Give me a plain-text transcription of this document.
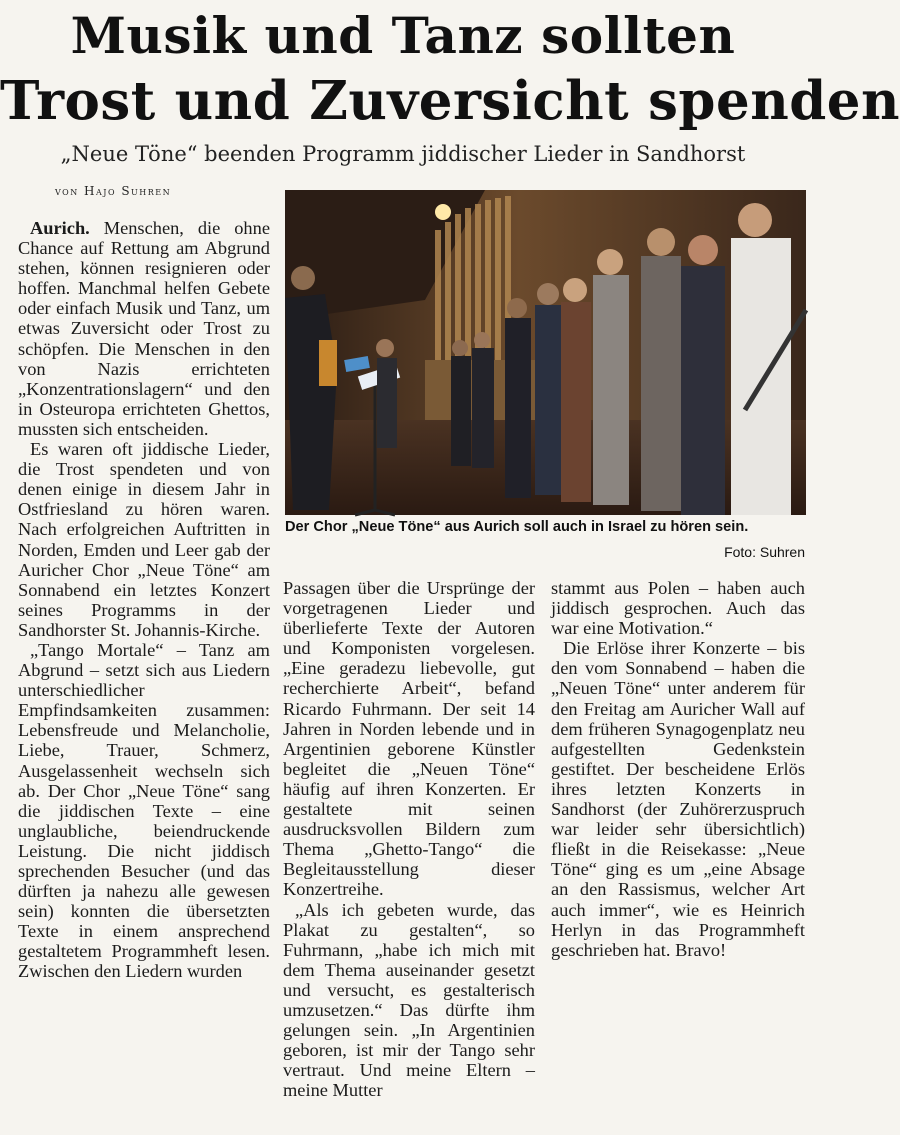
Musik und Tanz sollten
Trost und Zuversicht spenden
„Neue Töne“ beenden Programm jiddischer Lieder in Sandhorst
von Hajo Suhren

Aurich. Menschen, die ohne Chance auf Rettung am Abgrund stehen, können resignieren oder hoffen. Manchmal helfen Gebete oder einfach Musik und Tanz, um etwas Zuversicht oder Trost zu schöpfen. Die Menschen in den von Nazis errichteten „Konzentrationslagern“ und den in Osteuropa errichteten Ghettos, mussten sich entscheiden.

Es waren oft jiddische Lieder, die Trost spendeten und von denen einige in diesem Jahr in Ostfriesland zu hören waren. Nach erfolgreichen Auftritten in Norden, Emden und Leer gab der Auricher Chor „Neue Töne“ am Sonnabend ein letztes Konzert seines Programms in der Sandhorster St. Johannis-Kirche.

„Tango Mortale“ – Tanz am Abgrund – setzt sich aus Liedern unterschiedlicher Empfindsamkeiten zusammen: Lebensfreude und Melancholie, Liebe, Trauer, Schmerz, Ausgelassenheit wechseln sich ab. Der Chor „Neue Töne“ sang die jiddischen Texte – eine unglaubliche, beiendruckende Leistung. Die nicht jiddisch sprechenden Besucher (und das dürften ja nahezu alle gewesen sein) konnten die übersetzten Texte in einem ansprechend gestaltetem Programmheft lesen. Zwischen den Liedern wurden

Der Chor „Neue Töne“ aus Aurich soll auch in Israel zu hören sein.
Foto: Suhren

Passagen über die Ursprünge der vorgetragenen Lieder und überlieferte Texte der Autoren und Komponisten vorgelesen. „Eine geradezu liebevolle, gut recherchierte Arbeit“, befand Ricardo Fuhrmann. Der seit 14 Jahren in Norden lebende und in Argentinien geborene Künstler begleitet die „Neuen Töne“ häufig auf ihren Konzerten. Er gestaltete mit seinen ausdrucksvollen Bildern zum Thema „Ghetto-Tango“ die Begleitausstellung dieser Konzertreihe.

„Als ich gebeten wurde, das Plakat zu gestalten“, so Fuhrmann, „habe ich mich mit dem Thema auseinander gesetzt und versucht, es gestalterisch umzusetzen.“ Das dürfte ihm gelungen sein. „In Argentinien geboren, ist mir der Tango sehr vertraut. Und meine Eltern – meine Mutter

stammt aus Polen – haben auch jiddisch gesprochen. Auch das war eine Motivation.“

Die Erlöse ihrer Konzerte – bis den vom Sonnabend – haben die „Neuen Töne“ unter anderem für den Freitag am Auricher Wall auf dem früheren Synagogenplatz neu aufgestellten Gedenkstein gestiftet. Der bescheidene Erlös ihres letzten Konzerts in Sandhorst (der Zuhörerzuspruch war leider sehr übersichtlich) fließt in die Reisekasse: „Neue Töne“ ging es um „eine Absage an den Rassismus, welcher Art auch immer“, wie es Heinrich Herlyn in das Programmheft geschrieben hat. Bravo!
